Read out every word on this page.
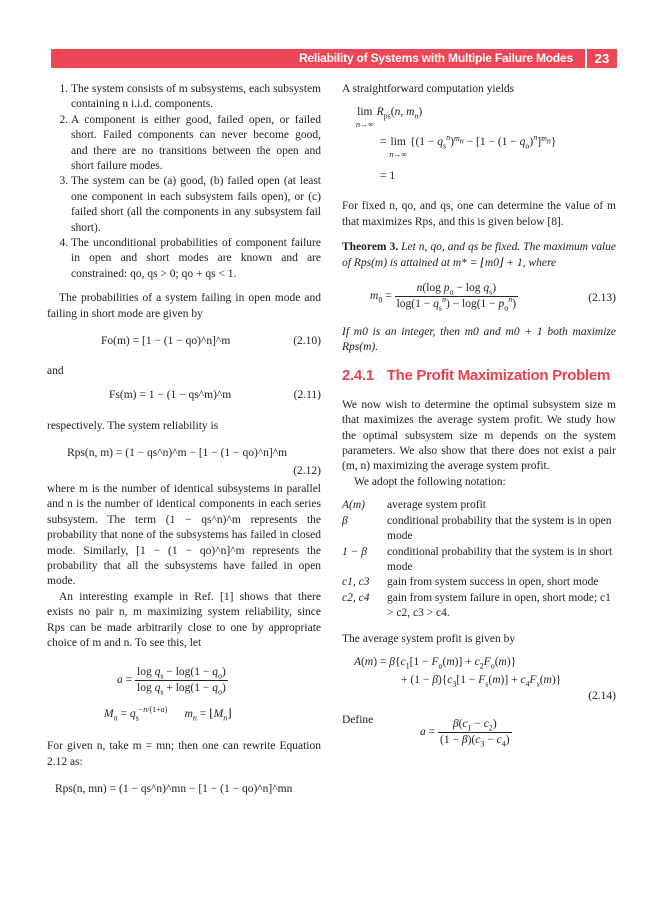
Reliability of Systems with Multiple Failure Modes	23
1. The system consists of m subsystems, each subsystem containing n i.i.d. components.
2. A component is either good, failed open, or failed short. Failed components can never become good, and there are no transitions between the open and short failure modes.
3. The system can be (a) good, (b) failed open (at least one component in each subsystem fails open), or (c) failed short (all the components in any subsystem fail short).
4. The unconditional probabilities of component failure in open and short modes are known and are constrained: qo, qs > 0; qo + qs < 1.

The probabilities of a system failing in open mode and failing in short mode are given by

Fo(m) = [1 − (1 − qo)^n]^m	(2.10)

and

Fs(m) = 1 − (1 − qs^m)^m	(2.11)

respectively. The system reliability is

Rps(n, m) = (1 − qs^n)^m − [1 − (1 − qo)^n]^m
(2.12)

where m is the number of identical subsystems in parallel and n is the number of identical components in each series subsystem. The term (1 − qs^n)^m represents the probability that none of the subsystems has failed in closed mode. Similarly, [1 − (1 − qo)^n]^m represents the probability that all the subsystems have failed in open mode.

An interesting example in Ref. [1] shows that there exists no pair n, m maximizing system reliability, since Rps can be made arbitrarily close to one by appropriate choice of m and n. To see this, let

$a = \frac{\log q_s - \log(1 - q_o)}{\log q_s + \log(1 - q_o)}$
$M_n = q_s^{-n/(1+a)}$ $m_n$ = $⌊M_n⌋$

For given n, take m = mn; then one can rewrite Equation 2.12 as:

Rps(n, mn) = (1 − qs^n)^mn − [1 − (1 − qo)^n]^mn

A straightforward computation yields

lim

n→∞
$R_{ps}(n$, $m_n$)
= lim

n→∞
$\{(1 - q_s^n)^{m_n} - [1 - (1 - q_o)^n]^{m_n}\}$
= 1

For fixed n, qo, and qs, one can determine the value of m that maximizes Rps, and this is given below [8].

Theorem 3. Let n, qo, and qs be fixed. The maximum value of Rps(m) is attained at m* = ⌊m0⌋ + 1, where

$m_0 = \frac{n(\log p_o - \log q_s)}{\log(1 - q_s^n) - \log(1 - p_o^n)}$	(2.13)

If m0 is an integer, then m0 and m0 + 1 both maximize Rps(m).

2.4.1 The Profit Maximization Problem

We now wish to determine the optimal subsystem size m that maximizes the average system profit. We study how the optimal subsystem size m depends on the system parameters. We also show that there does not exist a pair (m, n) maximizing the average system profit.

We adopt the following notation:

A(m)	average system profit
β	conditional probability that the system is in open mode
1 − β	conditional probability that the system is in short mode
c1, c3	gain from system success in open, short mode
c2, c4	gain from system failure in open, short mode; c1 > c2, c3 > c4.

The average system profit is given by

$A(m) = \beta\{c_1[1 - F_o(m)] + c_2F_o(m)\}$
+ $(1 - \beta)\{c_3[1 - F_s(m)] + c_4F_s(m)\}$
(2.14)
Define
$a = \frac{\beta(c_1 - c_2)}{(1 - \beta)(c_3 - c_4)}$
